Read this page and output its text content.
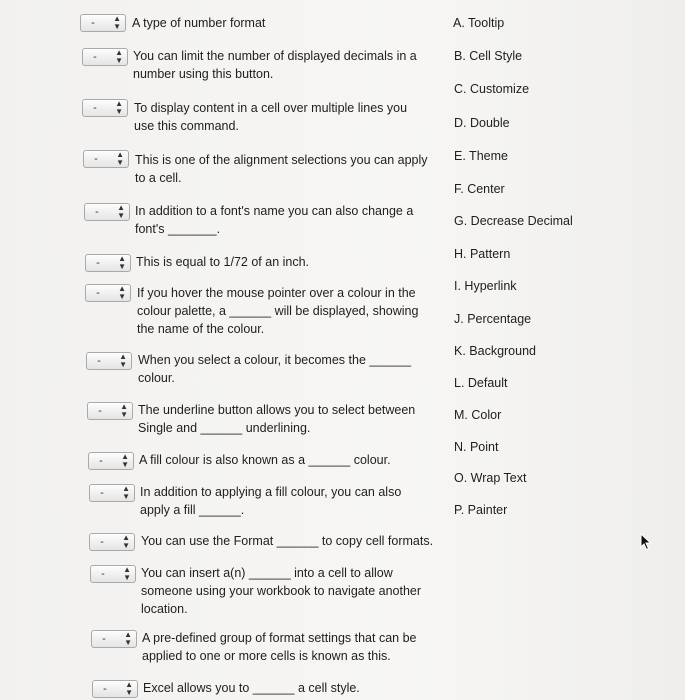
-	▲
▼ A type of number format
-	▲
▼ You can limit the number of displayed decimals in a
number using this button.
-	▲
▼ To display content in a cell over multiple lines you
use this command.
-	▲
▼ This is one of the alignment selections you can apply
to a cell.
-	▲
▼ In addition to a font's name you can also change a
font's _______.
-	▲
▼ This is equal to 1/72 of an inch.
-	▲
▼ If you hover the mouse pointer over a colour in the
colour palette, a ______ will be displayed, showing
the name of the colour.
-	▲
▼ When you select a colour, it becomes the ______
colour.
-	▲
▼ The underline button allows you to select between
Single and ______ underlining.
-	▲
▼ A fill colour is also known as a ______ colour.
-	▲
▼ In addition to applying a fill colour, you can also
apply a fill ______.
-	▲
▼ You can use the Format ______ to copy cell formats.
-	▲
▼ You can insert a(n) ______ into a cell to allow
someone using your workbook to navigate another
location.
-	▲
▼ A pre-defined group of format settings that can be
applied to one or more cells is known as this.
-	▲
▼ Excel allows you to ______ a cell style.
A. Tooltip
B. Cell Style
C. Customize
D. Double
E. Theme
F. Center
G. Decrease Decimal
H. Pattern
I. Hyperlink
J. Percentage
K. Background
L. Default
M. Color
N. Point
O. Wrap Text
P. Painter
